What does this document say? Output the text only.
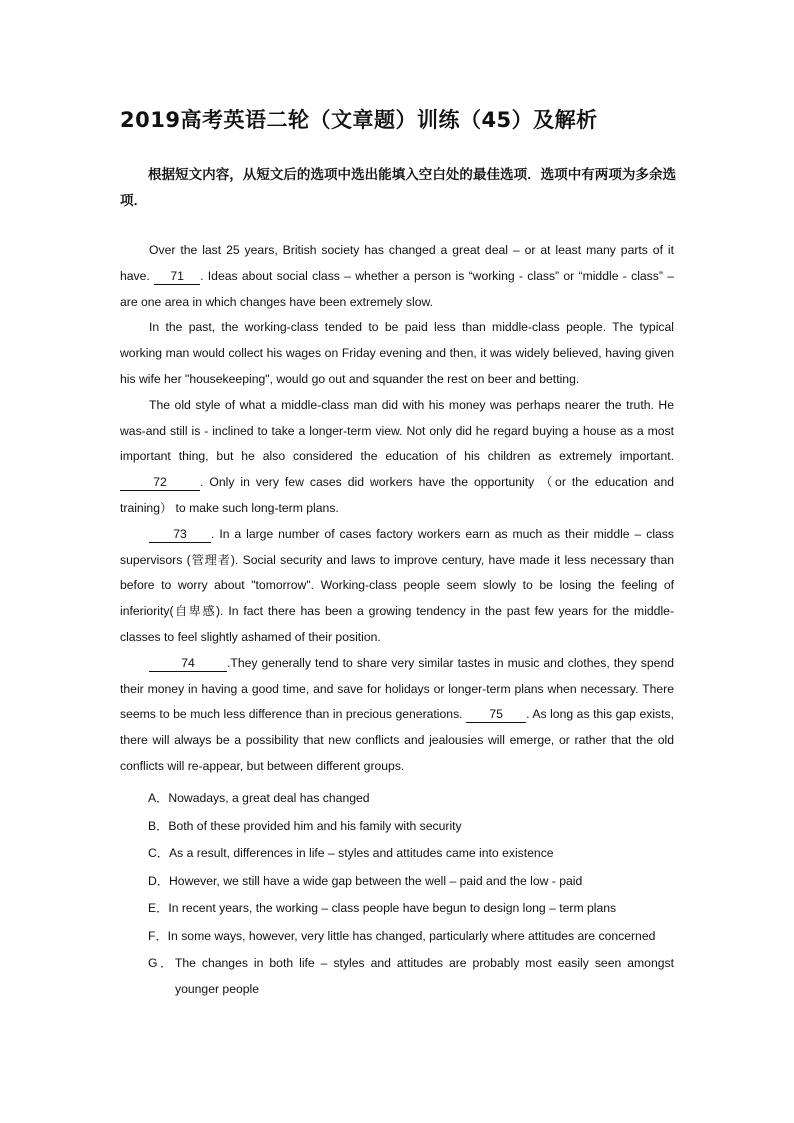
2019高考英语二轮（文章题）训练（45）及解析
根据短文内容，从短文后的选项中选出能填入空白处的最佳选项．选项中有两项为多余选项．

Over the last 25 years, British society has changed a great deal – or at least many parts of it have. 71 . Ideas about social class – whether a person is “working - class” or “middle - class” – are one area in which changes have been extremely slow.

In the past, the working-class tended to be paid less than middle-class people. The typical working man would collect his wages on Friday evening and then, it was widely believed, having given his wife her "housekeeping", would go out and squander the rest on beer and betting.

The old style of what a middle-class man did with his money was perhaps nearer the truth. He was-and still is - inclined to take a longer-term view. Not only did he regard buying a house as a most important thing, but he also considered the education of his children as extremely important. 72	. Only in very few cases did workers have the opportunity （or the education and training） to make such long-term plans.

73 . In a large number of cases factory workers earn as much as their middle – class supervisors (管理者). Social security and laws to improve century, have made it less necessary than before to worry about "tomorrow". Working-class people seem slowly to be losing the feeling of inferiority(自卑感). In fact there has been a growing tendency in the past few years for the middle-classes to feel slightly ashamed of their position.

74	.They generally tend to share very similar tastes in music and clothes, they spend their money in having a good time, and save for holidays or longer-term plans when necessary. There seems to be much less difference than in precious generations. 75 . As long as this gap exists, there will always be a possibility that new conflicts and jealousies will emerge, or rather that the old conflicts will re-appear, but between different groups.

A．Nowadays, a great deal has changed

B．Both of these provided him and his family with security

C．As a result, differences in life – styles and attitudes came into existence

D．However, we still have a wide gap between the well – paid and the low - paid

E．In recent years, the working – class people have begun to design long – term plans

F．In some ways, however, very little has changed, particularly where attitudes are concerned

G．The changes in both life – styles and attitudes are probably most easily seen amongst younger people
